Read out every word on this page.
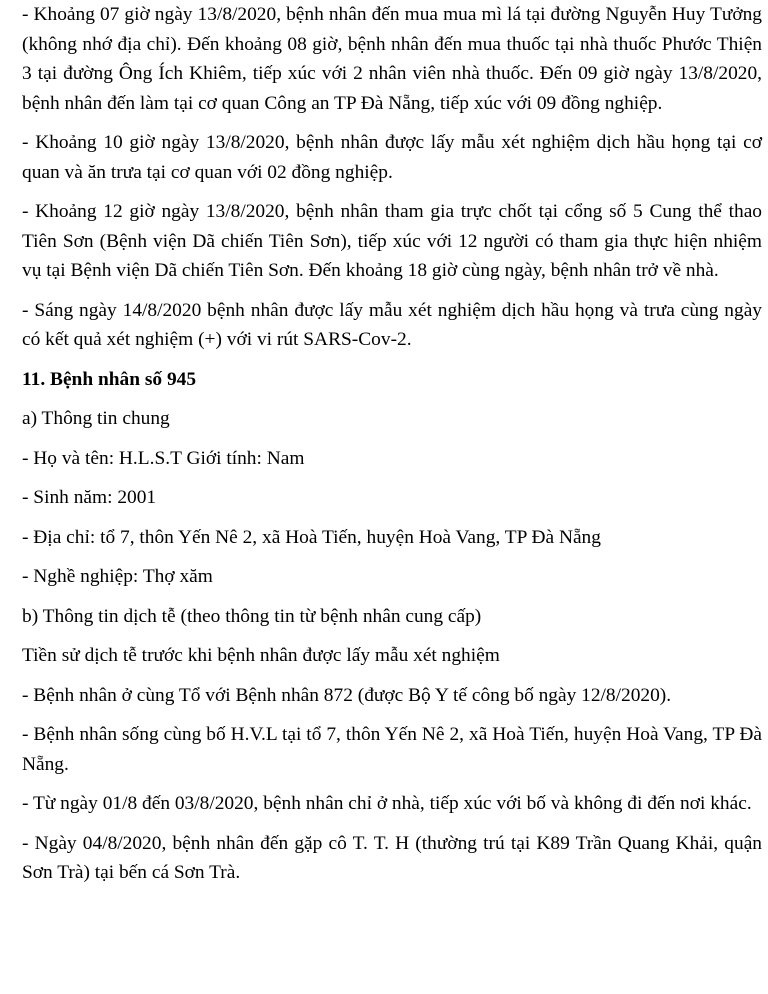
- Khoảng 07 giờ ngày 13/8/2020, bệnh nhân đến mua mua mì lá tại đường Nguyễn Huy Tưởng (không nhớ địa chỉ). Đến khoảng 08 giờ, bệnh nhân đến mua thuốc tại nhà thuốc Phước Thiện 3 tại đường Ông Ích Khiêm, tiếp xúc với 2 nhân viên nhà thuốc. Đến 09 giờ ngày 13/8/2020, bệnh nhân đến làm tại cơ quan Công an TP Đà Nẵng, tiếp xúc với 09 đồng nghiệp.

- Khoảng 10 giờ ngày 13/8/2020, bệnh nhân được lấy mẫu xét nghiệm dịch hầu họng tại cơ quan và ăn trưa tại cơ quan với 02 đồng nghiệp.

- Khoảng 12 giờ ngày 13/8/2020, bệnh nhân tham gia trực chốt tại cổng số 5 Cung thể thao Tiên Sơn (Bệnh viện Dã chiến Tiên Sơn), tiếp xúc với 12 người có tham gia thực hiện nhiệm vụ tại Bệnh viện Dã chiến Tiên Sơn. Đến khoảng 18 giờ cùng ngày, bệnh nhân trở về nhà.

- Sáng ngày 14/8/2020 bệnh nhân được lấy mẫu xét nghiệm dịch hầu họng và trưa cùng ngày có kết quả xét nghiệm (+) với vi rút SARS-Cov-2.

11. Bệnh nhân số 945

a) Thông tin chung

- Họ và tên: H.L.S.T Giới tính: Nam

- Sinh năm: 2001

- Địa chỉ: tổ 7, thôn Yến Nê 2, xã Hoà Tiến, huyện Hoà Vang, TP Đà Nẵng

- Nghề nghiệp: Thợ xăm

b) Thông tin dịch tễ (theo thông tin từ bệnh nhân cung cấp)

Tiền sử dịch tễ trước khi bệnh nhân được lấy mẫu xét nghiệm

- Bệnh nhân ở cùng Tổ với Bệnh nhân 872 (được Bộ Y tế công bố ngày 12/8/2020).

- Bệnh nhân sống cùng bố H.V.L tại tổ 7, thôn Yến Nê 2, xã Hoà Tiến, huyện Hoà Vang, TP Đà Nẵng.

- Từ ngày 01/8 đến 03/8/2020, bệnh nhân chỉ ở nhà, tiếp xúc với bố và không đi đến nơi khác.

- Ngày 04/8/2020, bệnh nhân đến gặp cô T. T. H (thường trú tại K89 Trần Quang Khải, quận Sơn Trà) tại bến cá Sơn Trà.
